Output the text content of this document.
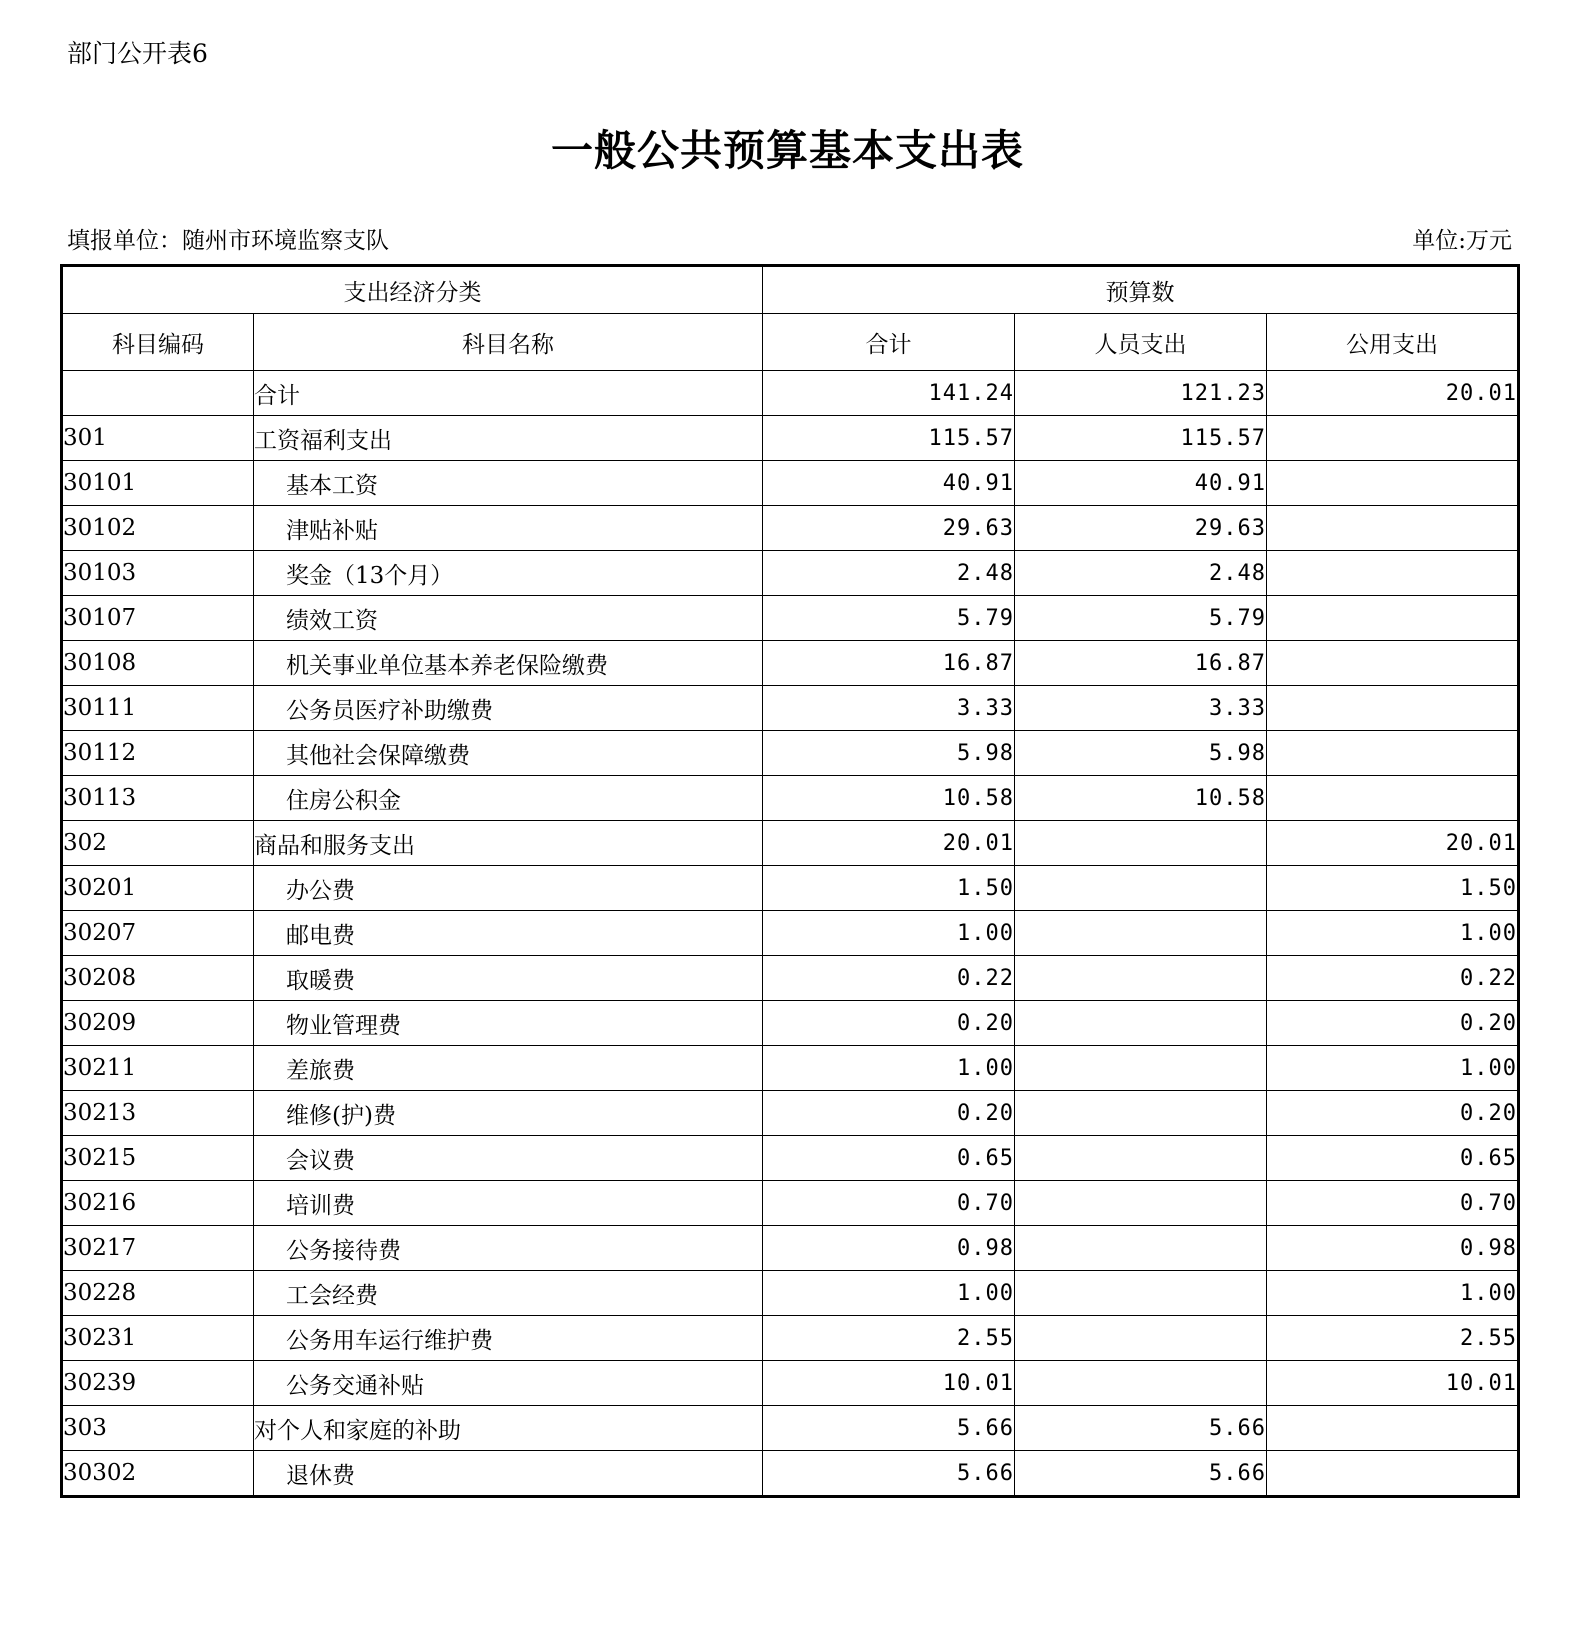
部门公开表6
一般公共预算基本支出表
填报单位：随州市环境监察支队	单位:万元
支出经济分类		预算数		
科目编码	科目名称	合计	人员支出	公用支出
	合计	141.24	121.23	20.01
301	工资福利支出	115.57	115.57	
30101	基本工资	40.91	40.91	
30102	津贴补贴	29.63	29.63	
30103	奖金（13个月）	2.48	2.48	
30107	绩效工资	5.79	5.79	
30108	机关事业单位基本养老保险缴费	16.87	16.87	
30111	公务员医疗补助缴费	3.33	3.33	
30112	其他社会保障缴费	5.98	5.98	
30113	住房公积金	10.58	10.58	
302	商品和服务支出	20.01		20.01
30201	办公费	1.50		1.50
30207	邮电费	1.00		1.00
30208	取暖费	0.22		0.22
30209	物业管理费	0.20		0.20
30211	差旅费	1.00		1.00
30213	维修(护)费	0.20		0.20
30215	会议费	0.65		0.65
30216	培训费	0.70		0.70
30217	公务接待费	0.98		0.98
30228	工会经费	1.00		1.00
30231	公务用车运行维护费	2.55		2.55
30239	公务交通补贴	10.01		10.01
303	对个人和家庭的补助	5.66	5.66	
30302	退休费	5.66	5.66	
